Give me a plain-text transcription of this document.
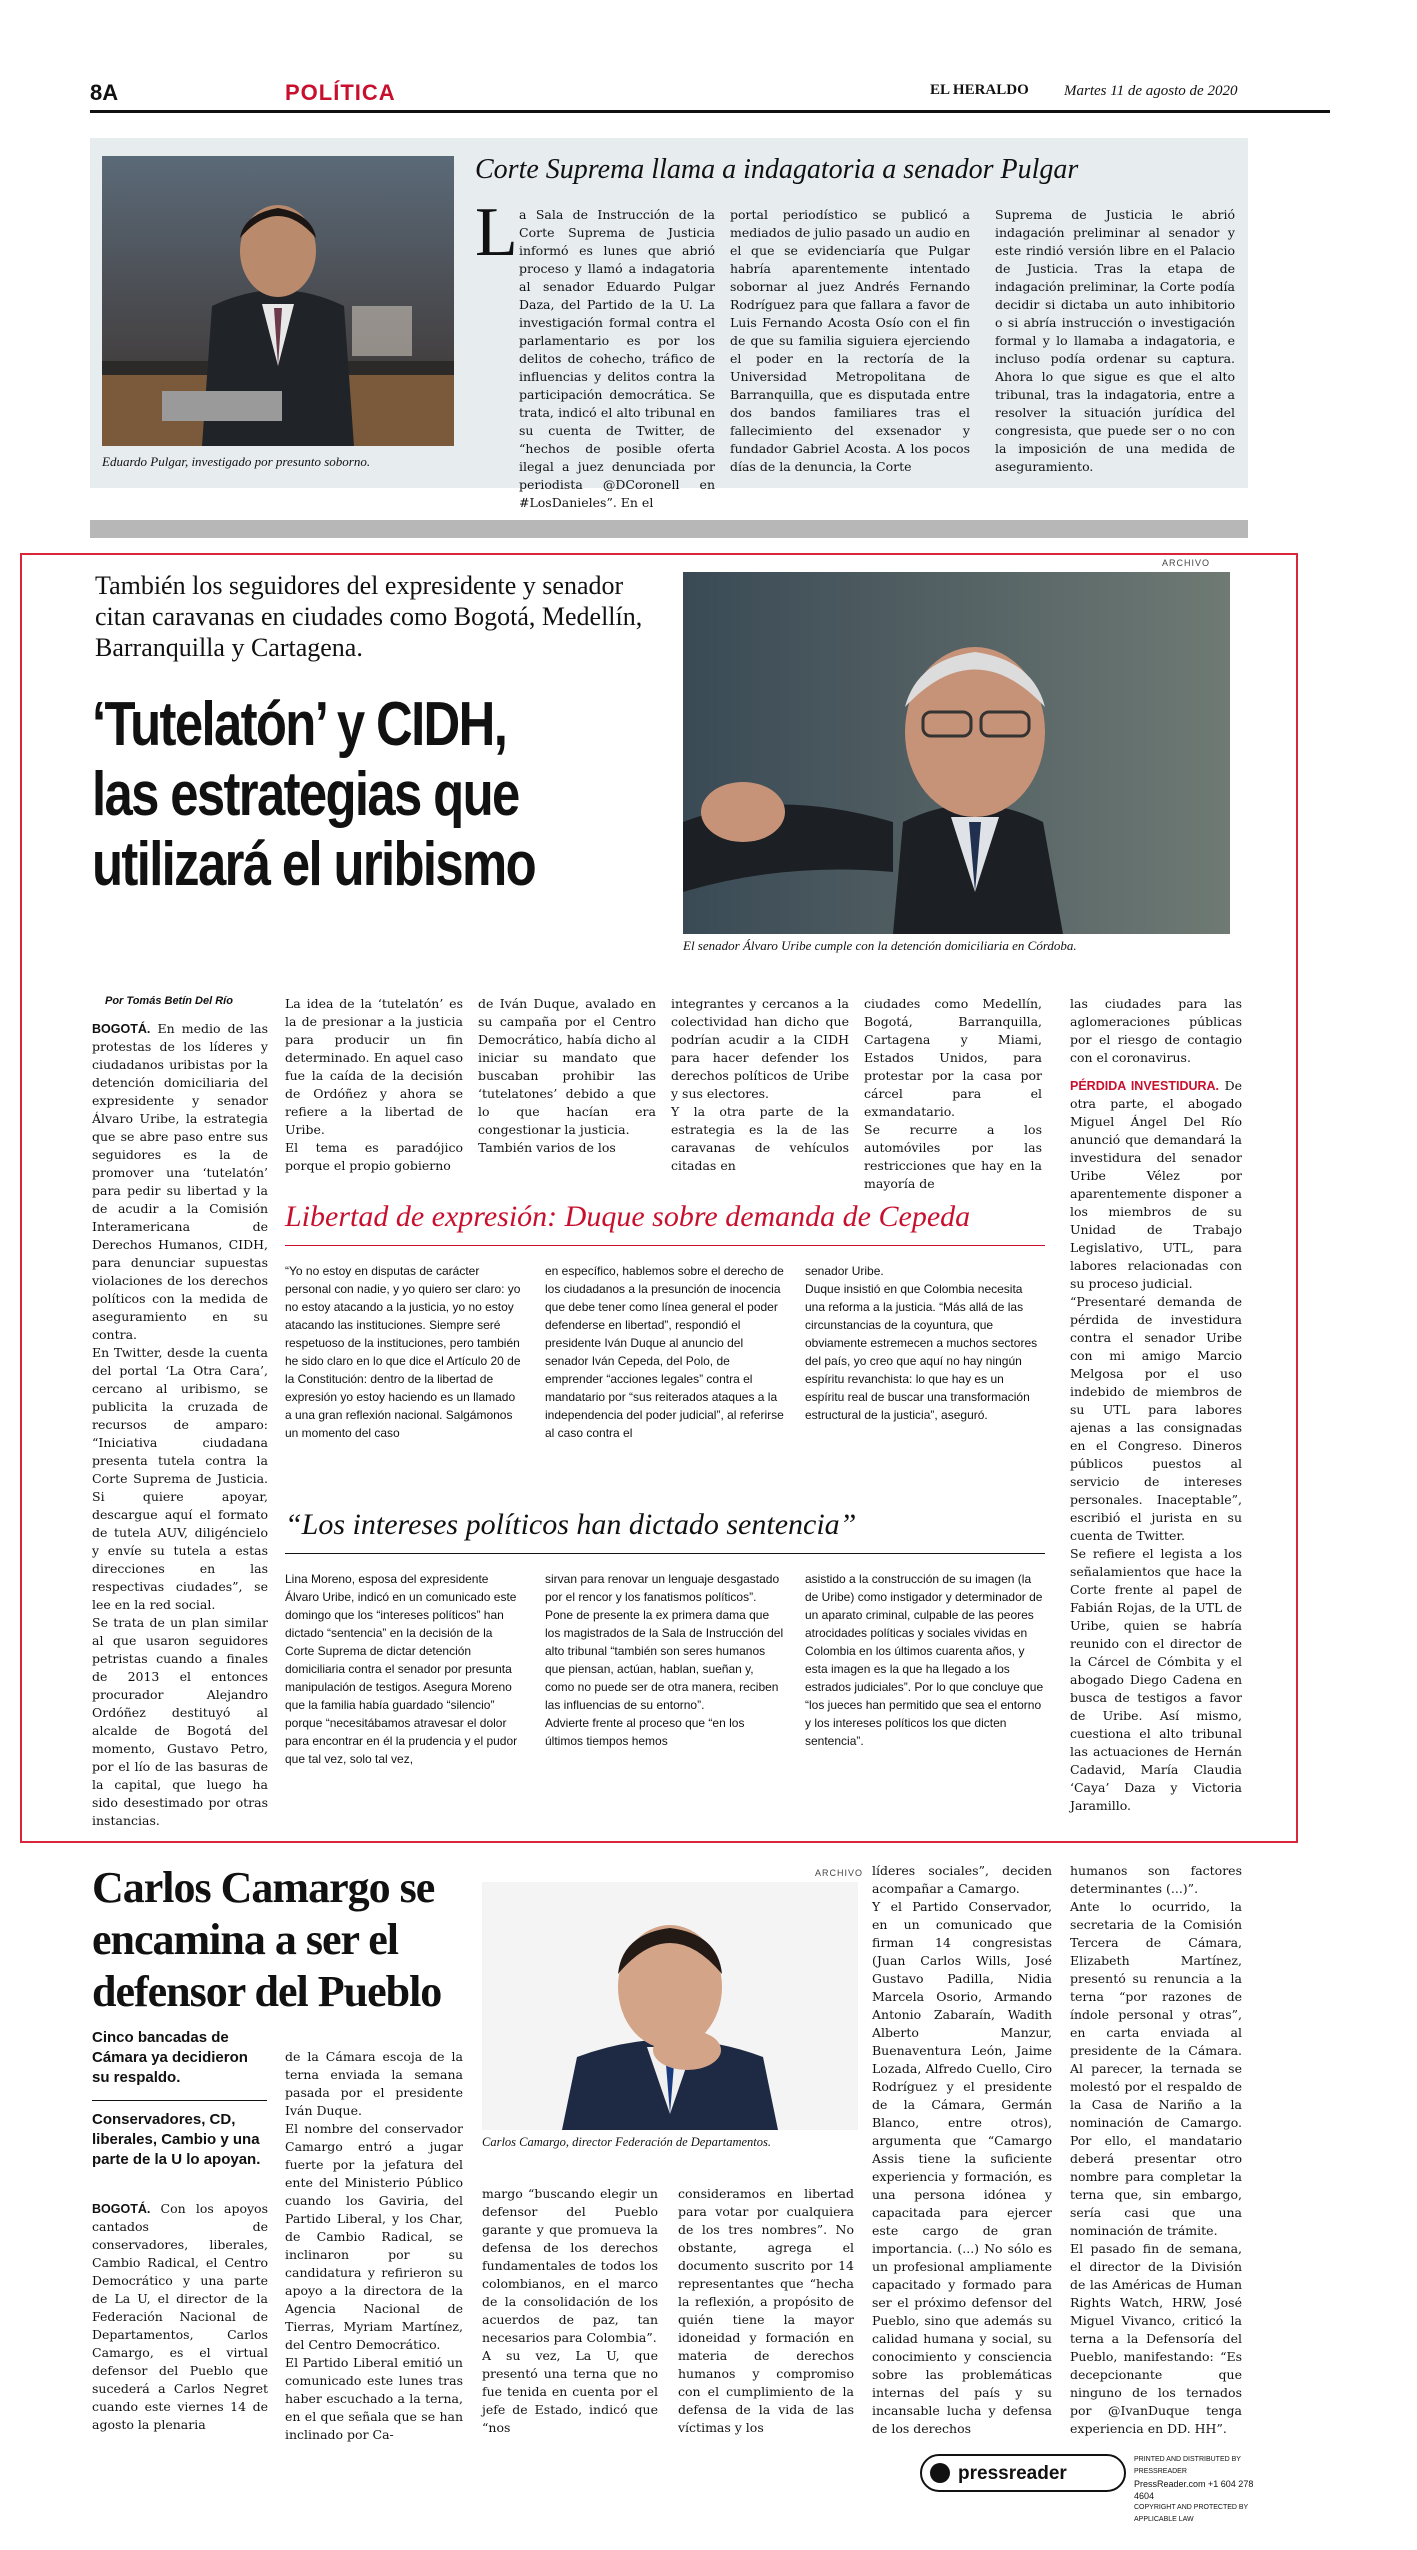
8A	POLÍTICA	EL HERALDO Martes 11 de agosto de 2020
Eduardo Pulgar, investigado por presunto soborno.
Corte Suprema llama a indagatoria a senador Pulgar
L a Sala de Instrucción de la Corte Suprema de Justicia informó es lunes que abrió proceso y llamó a indagatoria al senador Eduardo Pulgar Daza, del Partido de la U. La investigación formal contra el parlamentario es por los delitos de cohecho, tráfico de influencias y delitos contra la participación democrática. Se trata, indicó el alto tribunal en su cuenta de Twitter, de “hechos de posible oferta ilegal a juez denunciada por periodista @DCoronell en #LosDanieles”. En el

portal periodístico se publicó a mediados de julio pasado un audio en el que se evidenciaría que Pulgar habría aparentemente intentado sobornar al juez Andrés Fernando Rodríguez para que fallara a favor de Luis Fernando Acosta Osío con el fin de que su familia siguiera ejerciendo el poder en la rectoría de la Universidad Metropolitana de Barranquilla, que es disputada entre dos bandos familiares tras el fallecimiento del exsenador y fundador Gabriel Acosta. A los pocos días de la denuncia, la Corte

Suprema de Justicia le abrió indagación preliminar al senador y este rindió versión libre en el Palacio de Justicia. Tras la etapa de indagación preliminar, la Corte podía decidir si dictaba un auto inhibitorio o si abría instrucción o investigación formal y lo llamaba a indagatoria, e incluso podía ordenar su captura. Ahora lo que sigue es que el alto tribunal, tras la indagatoria, entre a resolver la situación jurídica del congresista, que puede ser o no con la imposición de una medida de aseguramiento.

También los seguidores del expresidente y senador citan caravanas en ciudades como Bogotá, Medellín, Barranquilla y Cartagena.
‘Tutelatón’ y CIDH,
las estrategias que
utilizará el uribismo
ARCHIVO
El senador Álvaro Uribe cumple con la detención domiciliaria en Córdoba.
Por Tomás Betín Del Río

BOGOTÁ. En medio de las protestas de los líderes y ciudadanos uribistas por la detención domiciliaria del expresidente y senador Álvaro Uribe, la estrategia que se abre paso entre sus seguidores es la de promover una ‘tutelatón’ para pedir su libertad y la de acudir a la Comisión Interamericana de Derechos Humanos, CIDH, para denunciar supuestas violaciones de los derechos políticos con la medida de aseguramiento en su contra.
En Twitter, desde la cuenta del portal ‘La Otra Cara’, cercano al uribismo, se publicita la cruzada de recursos de amparo: “Iniciativa ciudadana presenta tutela contra la Corte Suprema de Justicia. Si quiere apoyar, descargue aquí el formato de tutela AUV, diligéncielo y envíe su tutela a estas direcciones en las respectivas ciudades”, se lee en la red social.
Se trata de un plan similar al que usaron seguidores petristas cuando a finales de 2013 el entonces procurador Alejandro Ordóñez destituyó al alcalde de Bogotá del momento, Gustavo Petro, por el lío de las basuras de la capital, que luego ha sido desestimado por otras instancias.

La idea de la ‘tutelatón’ es la de presionar a la justicia para producir un fin determinado. En aquel caso fue la caída de la decisión de Ordóñez y ahora se refiere a la libertad de Uribe.
El tema es paradójico porque el propio gobierno

de Iván Duque, avalado en su campaña por el Centro Democrático, había dicho al iniciar su mandato que buscaban prohibir las ‘tutelatones’ debido a que lo que hacían era congestionar la justicia.
También varios de los

integrantes y cercanos a la colectividad han dicho que podrían acudir a la CIDH para hacer defender los derechos políticos de Uribe y sus electores.
Y la otra parte de la estrategia es la de las caravanas de vehículos citadas en

ciudades como Medellín, Bogotá, Barranquilla, Cartagena y Miami, Estados Unidos, para protestar por la casa por cárcel para el exmandatario.
Se recurre a los automóviles por las restricciones que hay en la mayoría de

las ciudades para las aglomeraciones públicas por el riesgo de contagio con el coronavirus.

PÉRDIDA INVESTIDURA. De otra parte, el abogado Miguel Ángel Del Río anunció que demandará la investidura del senador Uribe Vélez por aparentemente disponer a los miembros de su Unidad de Trabajo Legislativo, UTL, para labores relacionadas con su proceso judicial.
“Presentaré demanda de pérdida de investidura contra el senador Uribe con mi amigo Marcio Melgosa por el uso indebido de miembros de su UTL para labores ajenas a las consignadas en el Congreso. Dineros públicos puestos al servicio de intereses personales. Inaceptable”, escribió el jurista en su cuenta de Twitter.
Se refiere el legista a los señalamientos que hace la Corte frente al papel de Fabián Rojas, de la UTL de Uribe, quien se habría reunido con el director de la Cárcel de Cómbita y el abogado Diego Cadena en busca de testigos a favor de Uribe. Así mismo, cuestiona el alto tribunal las actuaciones de Hernán Cadavid, María Claudia ‘Caya’ Daza y Victoria Jaramillo.

Libertad de expresión: Duque sobre demanda de Cepeda

“Yo no estoy en disputas de carácter personal con nadie, y yo quiero ser claro: yo no estoy atacando a la justicia, yo no estoy atacando las instituciones. Siempre seré respetuoso de la instituciones, pero también he sido claro en lo que dice el Artículo 20 de la Constitución: dentro de la libertad de expresión yo estoy haciendo es un llamado a una gran reflexión nacional. Salgámonos un momento del caso

en específico, hablemos sobre el derecho de los ciudadanos a la presunción de inocencia que debe tener como línea general el poder defenderse en libertad”, respondió el presidente Iván Duque al anuncio del senador Iván Cepeda, del Polo, de emprender “acciones legales” contra el mandatario por “sus reiterados ataques a la independencia del poder judicial”, al referirse al caso contra el

senador Uribe.
Duque insistió en que Colombia necesita una reforma a la justicia. “Más allá de las circunstancias de la coyuntura, que obviamente estremecen a muchos sectores del país, yo creo que aquí no hay ningún espíritu revanchista: lo que hay es un espíritu real de buscar una transformación estructural de la justicia”, aseguró.

“Los intereses políticos han dictado sentencia”

Lina Moreno, esposa del expresidente Álvaro Uribe, indicó en un comunicado este domingo que los “intereses políticos” han dictado “sentencia” en la decisión de la Corte Suprema de dictar detención domiciliaria contra el senador por presunta manipulación de testigos. Asegura Moreno que la familia había guardado “silencio” porque “necesitábamos atravesar el dolor para encontrar en él la prudencia y el pudor que tal vez, solo tal vez,

sirvan para renovar un lenguaje desgastado por el rencor y los fanatismos políticos”.
Pone de presente la ex primera dama que los magistrados de la Sala de Instrucción del alto tribunal “también son seres humanos que piensan, actúan, hablan, sueñan y, como no puede ser de otra manera, reciben las influencias de su entorno”.
Advierte frente al proceso que “en los últimos tiempos hemos

asistido a la construcción de su imagen (la de Uribe) como instigador y determinador de un aparato criminal, culpable de las peores atrocidades políticas y sociales vividas en Colombia en los últimos cuarenta años, y esta imagen es la que ha llegado a los estrados judiciales”. Por lo que concluye que “los jueces han permitido que sea el entorno y los intereses políticos los que dicten sentencia”.

Carlos Camargo se
encamina a ser el
defensor del Pueblo
ARCHIVO
Carlos Camargo, director Federación de Departamentos.
Cinco bancadas de Cámara ya decidieron su respaldo.
Conservadores, CD, liberales, Cambio y una parte de la U lo apoyan.

BOGOTÁ. Con los apoyos cantados de conservadores, liberales, Cambio Radical, el Centro Democrático y una parte de La U, el director de la Federación Nacional de Departamentos, Carlos Camargo, es el virtual defensor del Pueblo que sucederá a Carlos Negret cuando este viernes 14 de agosto la plenaria

de la Cámara escoja de la terna enviada la semana pasada por el presidente Iván Duque.
El nombre del conservador Camargo entró a jugar fuerte por la jefatura del ente del Ministerio Público cuando los Gaviria, del Partido Liberal, y los Char, de Cambio Radical, se inclinaron por su candidatura y refirieron su apoyo a la directora de la Agencia Nacional de Tierras, Myriam Martínez, del Centro Democrático.
El Partido Liberal emitió un comunicado este lunes tras haber escuchado a la terna, en el que señala que se han inclinado por Ca-

margo “buscando elegir un defensor del Pueblo garante y que promueva la defensa de los derechos fundamentales de todos los colombianos, en el marco de la consolidación de los acuerdos de paz, tan necesarios para Colombia”.
A su vez, La U, que presentó una terna que no fue tenida en cuenta por el jefe de Estado, indicó que “nos

consideramos en libertad para votar por cualquiera de los tres nombres”. No obstante, agrega el documento suscrito por 14 representantes que “hecha la reflexión, a propósito de quién tiene la mayor idoneidad y formación en materia de derechos humanos y compromiso con el cumplimiento de la defensa de la vida de las víctimas y los

líderes sociales”, deciden acompañar a Camargo.
Y el Partido Conservador, en un comunicado que firman 14 congresistas (Juan Carlos Wills, José Gustavo Padilla, Nidia Marcela Osorio, Armando Antonio Zabaraín, Wadith Alberto Manzur, Buenaventura León, Jaime Lozada, Alfredo Cuello, Ciro Rodríguez y el presidente de la Cámara, Germán Blanco, entre otros), argumenta que “Camargo Assis tiene la suficiente experiencia y formación, es una persona idónea y capacitada para ejercer este cargo de gran importancia. (...) No sólo es un profesional ampliamente capacitado y formado para ser el próximo defensor del Pueblo, sino que además su calidad humana y social, su conocimiento y consciencia sobre las problemáticas internas del país y su incansable lucha y defensa de los derechos

humanos son factores determinantes (...)”.
Ante lo ocurrido, la secretaria de la Comisión Tercera de Cámara, Elizabeth Martínez, presentó su renuncia a la terna “por razones de índole personal y otras”, en carta enviada al presidente de la Cámara. Al parecer, la ternada se molestó por el respaldo de la Casa de Nariño a la nominación de Camargo. Por ello, el mandatario deberá presentar otro nombre para completar la terna que, sin embargo, sería casi que una nominación de trámite.
El pasado fin de semana, el director de la División de las Américas de Human Rights Watch, HRW, José Miguel Vivanco, criticó la terna a la Defensoría del Pueblo, manifestando: “Es decepcionante que ninguno de los ternados por @IvanDuque tenga experiencia en DD. HH”.

pressreader
PRINTED AND DISTRIBUTED BY PRESSREADER
PressReader.com +1 604 278 4604
COPYRIGHT AND PROTECTED BY APPLICABLE LAW
